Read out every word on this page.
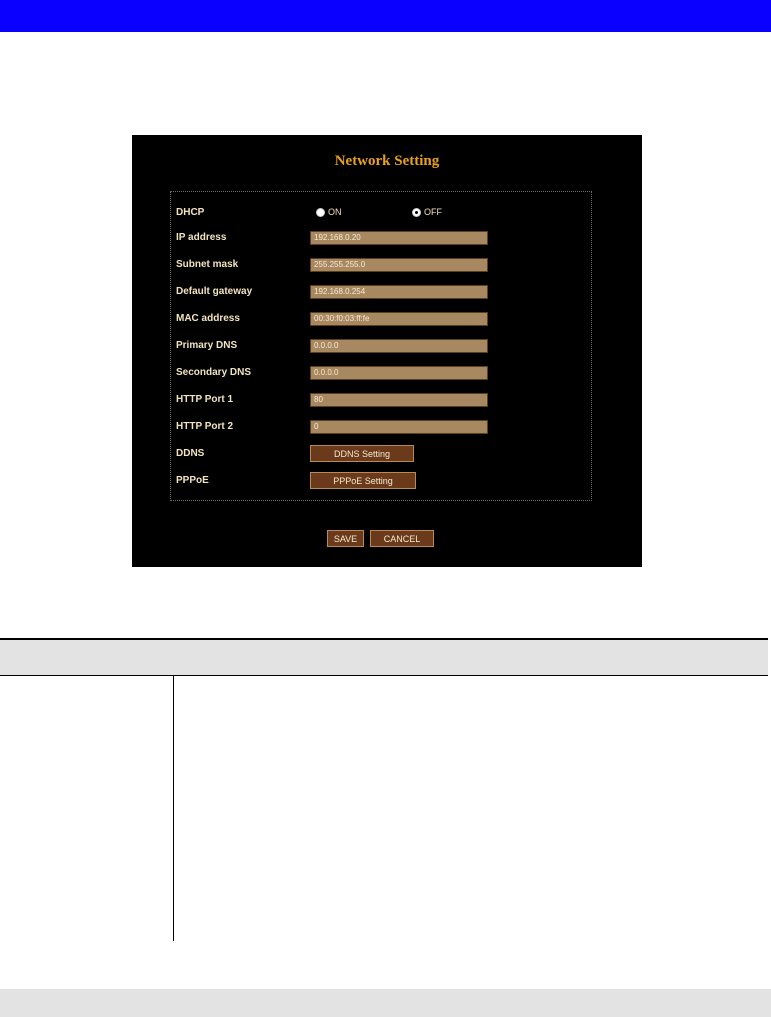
Network Setting
DHCP	ON	OFF
IP address	192.168.0.20
Subnet mask	255.255.255.0
Default gateway	192.168.0.254
MAC address	00:30:f0:03:ff:fe
Primary DNS	0.0.0.0
Secondary DNS	0.0.0.0
HTTP Port 1	80
HTTP Port 2	0
DDNS	DDNS Setting
PPPoE	PPPoE Setting
SAVE	CANCEL
